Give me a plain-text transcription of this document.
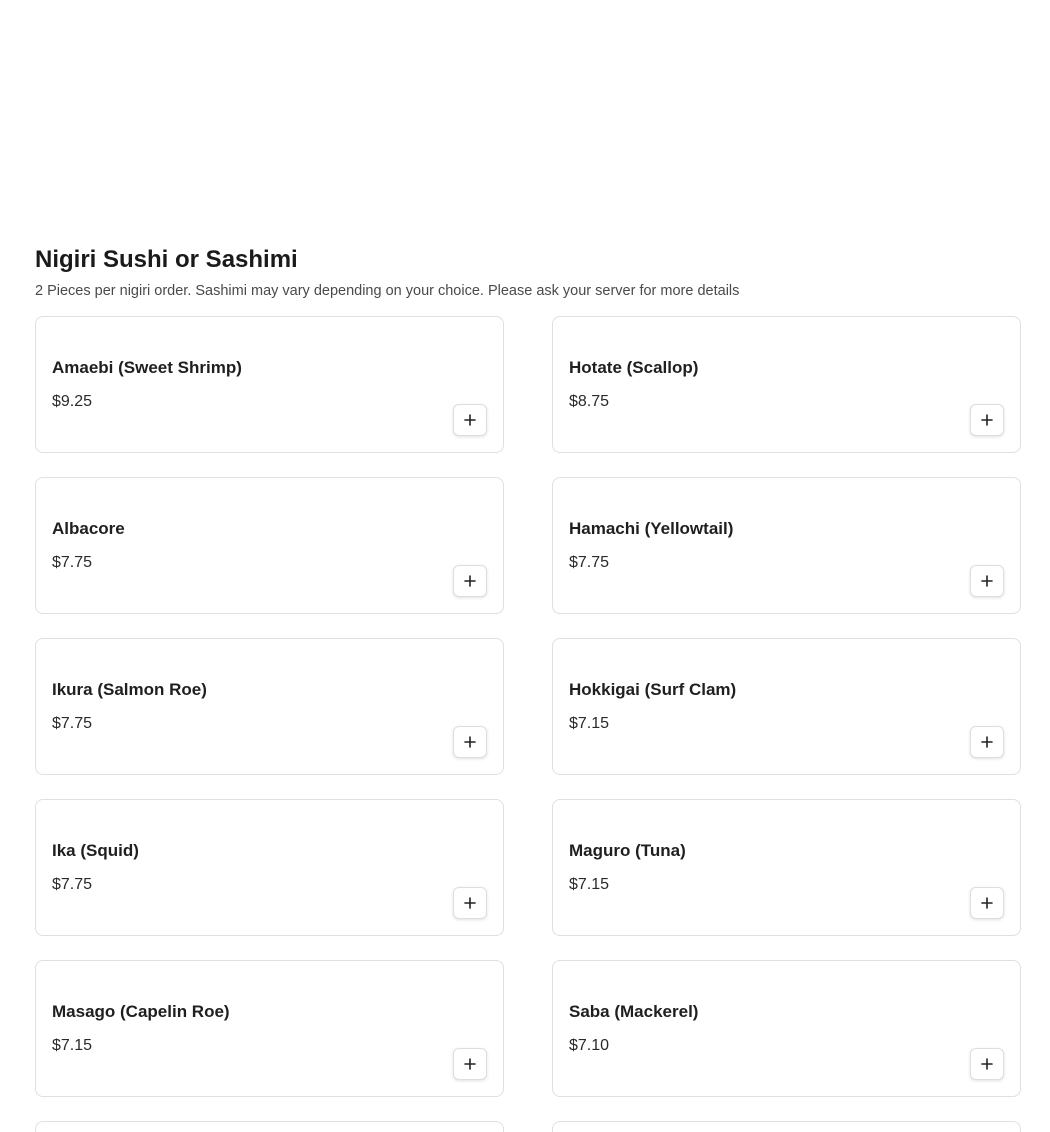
Nigiri Sushi or Sashimi

2 Pieces per nigiri order. Sashimi may vary depending on your choice. Please ask your server for more details

Amaebi (Sweet Shrimp)
$9.25
Hotate (Scallop)
$8.75
Albacore
$7.75
Hamachi (Yellowtail)
$7.75
Ikura (Salmon Roe)
$7.75
Hokkigai (Surf Clam)
$7.15
Ika (Squid)
$7.75
Maguro (Tuna)
$7.15
Masago (Capelin Roe)
$7.15
Saba (Mackerel)
$7.10
